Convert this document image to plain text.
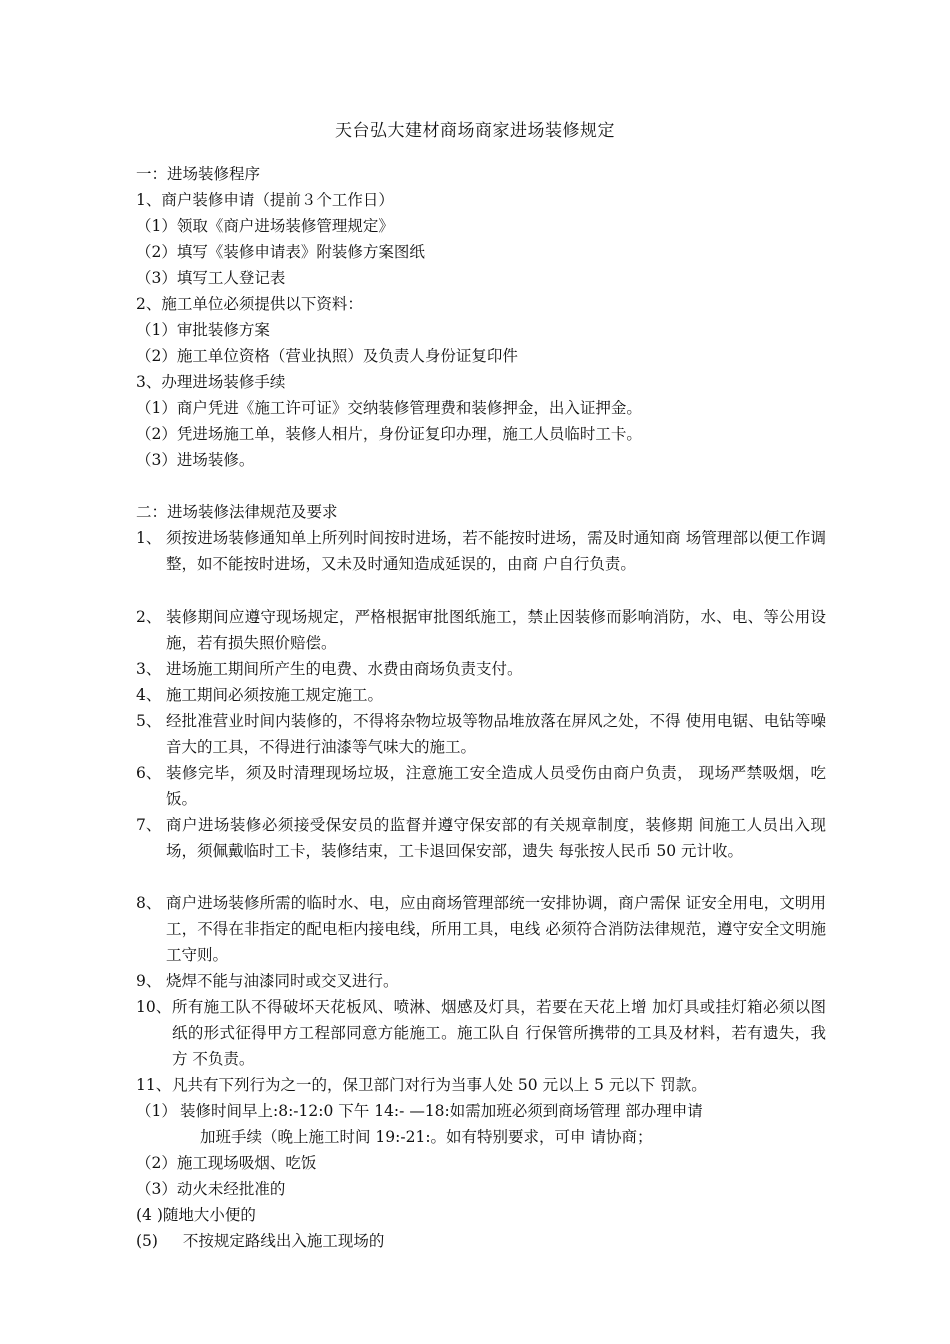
天台弘大建材商场商家进场装修规定
一：进场装修程序
1、商户装修申请（提前３个工作日）
（1）领取《商户进场装修管理规定》
（2）填写《装修申请表》附装修方案图纸
（3）填写工人登记表
2、施工单位必须提供以下资料：
（1）审批装修方案
（2）施工单位资格（营业执照）及负责人身份证复印件
3、办理进场装修手续
（1）商户凭进《施工许可证》交纳装修管理费和装修押金，出入证押金。
（2）凭进场施工单，装修人相片，身份证复印办理，施工人员临时工卡。
（3）进场装修。
二：进场装修法律规范及要求
1、 须按进场装修通知单上所列时间按时进场，若不能按时进场，需及时通知商 场管理部以便工作调整，如不能按时进场，又未及时通知造成延误的，由商 户自行负责。
2、 装修期间应遵守现场规定，严格根据审批图纸施工，禁止因装修而影响消防，水、电、等公用设施，若有损失照价赔偿。
3、 进场施工期间所产生的电费、水费由商场负责支付。
4、 施工期间必须按施工规定施工。
5、 经批准营业时间内装修的，不得将杂物垃圾等物品堆放落在屏风之处，不得 使用电锯、电钻等噪音大的工具，不得进行油漆等气味大的施工。
6、 装修完毕，须及时清理现场垃圾，注意施工安全造成人员受伤由商户负责， 现场严禁吸烟，吃饭。
7、 商户进场装修必须接受保安员的监督并遵守保安部的有关规章制度，装修期 间施工人员出入现场，须佩戴临时工卡，装修结束，工卡退回保安部，遗失 每张按人民币 50 元计收。
8、 商户进场装修所需的临时水、电，应由商场管理部统一安排协调，商户需保 证安全用电，文明用工，不得在非指定的配电柜内接电线，所用工具，电线 必须符合消防法律规范，遵守安全文明施工守则。
9、 烧焊不能与油漆同时或交叉进行。
10、 所有施工队不得破坏天花板风、喷淋、烟感及灯具，若要在天花上增 加灯具或挂灯箱必须以图纸的形式征得甲方工程部同意方能施工。施工队自 行保管所携带的工具及材料，若有遗失，我方 不负责。
11、 凡共有下列行为之一的，保卫部门对行为当事人处 50 元以上 5 元以下 罚款。
（1） 装修时间早上:8:-12:0 下午 14:- —18:如需加班必须到商场管理 部办理申请
加班手续（晚上施工时间 19:-21:。如有特别要求，可申 请协商；
（2）施工现场吸烟、吃饭
（3）动火未经批准的
(4 )随地大小便的
(5) 不按规定路线出入施工现场的
